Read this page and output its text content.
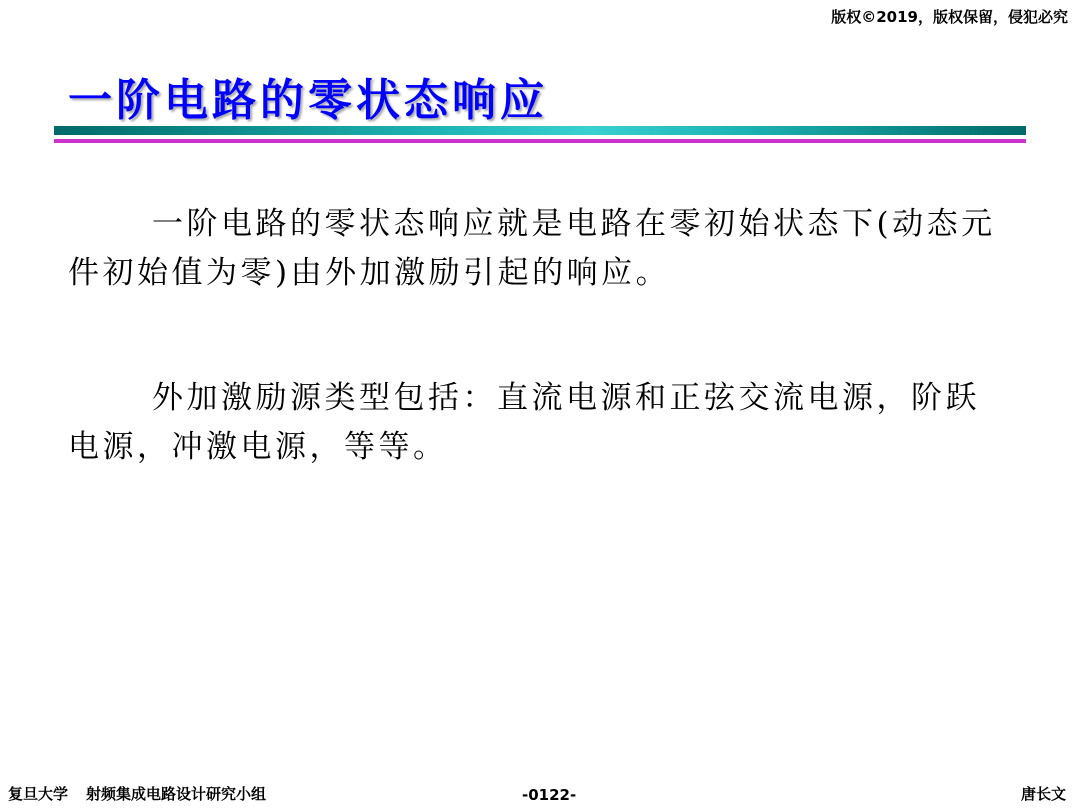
版权©2019，版权保留，侵犯必究
一阶电路的零状态响应

一阶电路的零状态响应就是电路在零初始状态下(动态元件初始值为零)由外加激励引起的响应。

外加激励源类型包括：直流电源和正弦交流电源，阶跃电源，冲激电源，等等。

复旦大学 射频集成电路设计研究小组	-0122-	唐长文
